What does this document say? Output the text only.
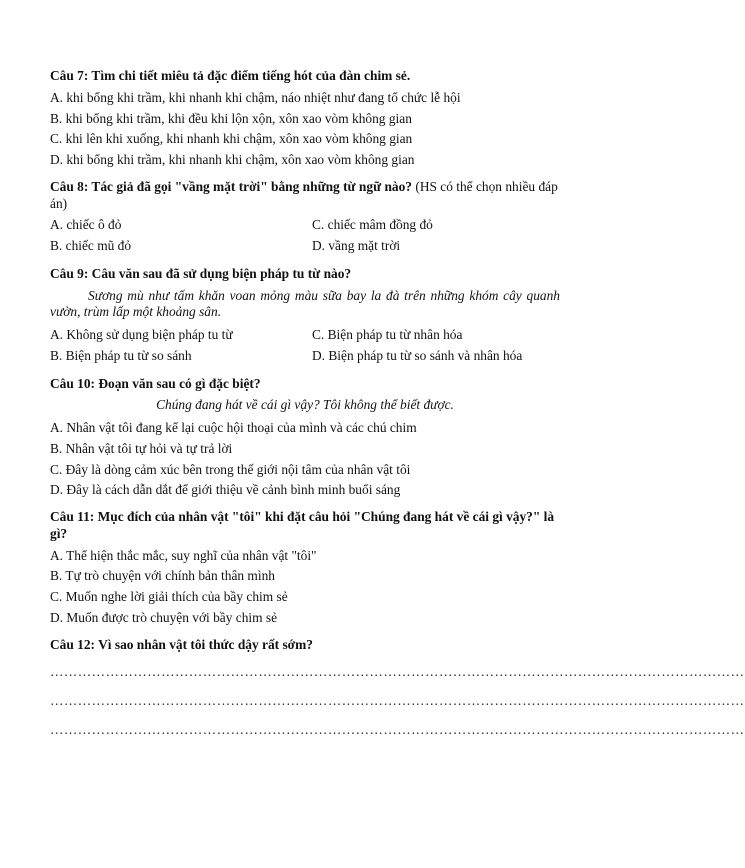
Câu 7: Tìm chi tiết miêu tả đặc điểm tiếng hót của đàn chim sẻ.
A. khi bổng khi trầm, khi nhanh khi chậm, náo nhiệt như đang tổ chức lễ hội
B. khi bổng khi trầm, khi đều khi lộn xộn, xôn xao vòm không gian
C. khi lên khi xuống, khi nhanh khi chậm, xôn xao vòm không gian
D. khi bổng khi trầm, khi nhanh khi chậm, xôn xao vòm không gian
Câu 8: Tác giả đã gọi "vầng mặt trời" bằng những từ ngữ nào? (HS có thể chọn nhiều đáp án)
A. chiếc ô đỏ	C. chiếc mâm đồng đỏ
B. chiếc mũ đỏ	D. vầng mặt trời
Câu 9: Câu văn sau đã sử dụng biện pháp tu từ nào?
Sương mù như tấm khăn voan mỏng màu sữa bay la đà trên những khóm cây quanh vườn, trùm lấp một khoảng sân.
A. Không sử dụng biện pháp tu từ	C. Biện pháp tu từ nhân hóa
B. Biện pháp tu từ so sánh	D. Biện pháp tu từ so sánh và nhân hóa
Câu 10: Đoạn văn sau có gì đặc biệt?
Chúng đang hát về cái gì vậy? Tôi không thể biết được.
A. Nhân vật tôi đang kể lại cuộc hội thoại của mình và các chú chim
B. Nhân vật tôi tự hỏi và tự trả lời
C. Đây là dòng cảm xúc bên trong thế giới nội tâm của nhân vật tôi
D. Đây là cách dẫn dắt để giới thiệu về cảnh bình minh buổi sáng
Câu 11: Mục đích của nhân vật "tôi" khi đặt câu hỏi "Chúng đang hát về cái gì vậy?" là gì?
A. Thể hiện thắc mắc, suy nghĩ của nhân vật "tôi"
B. Tự trò chuyện với chính bản thân mình
C. Muốn nghe lời giải thích của bầy chim sẻ
D. Muốn được trò chuyện với bầy chim sẻ
Câu 12: Vì sao nhân vật tôi thức dậy rất sớm?
……………………………………………………………………………………………………………………………………
……………………………………………………………………………………………………………………………………
……………………………………………………………………………………………………………………………………
